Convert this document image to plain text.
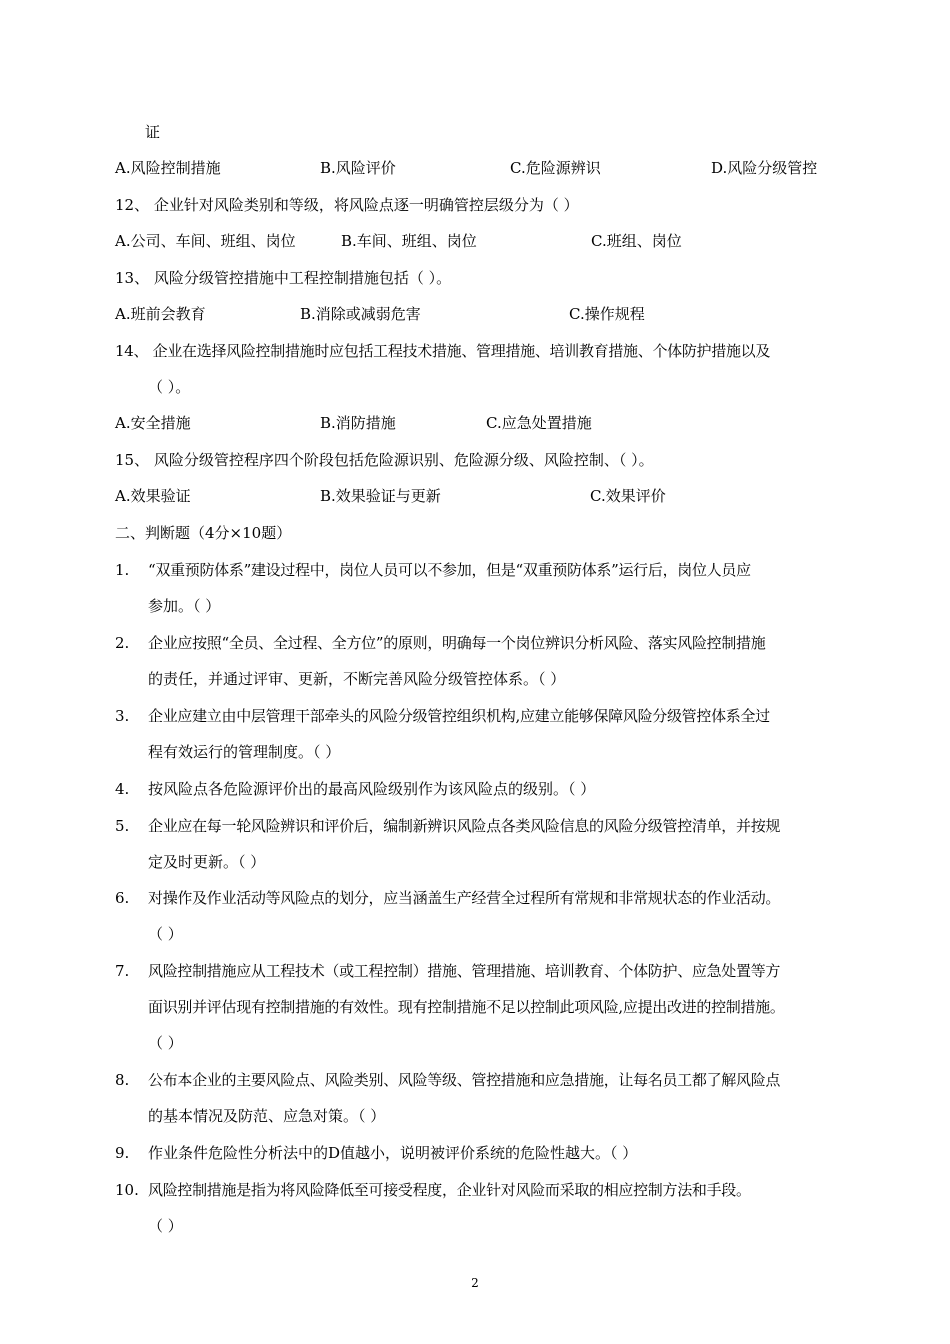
证
A.风险控制措施	B.风险评价	C.危险源辨识	D.风险分级管控
12、 企业针对风险类别和等级，将风险点逐一明确管控层级分为（ ）
A.公司、车间、班组、岗位	B.车间、班组、岗位	C.班组、岗位
13、 风险分级管控措施中工程控制措施包括（ ）。
A.班前会教育	B.消除或减弱危害	C.操作规程
14、 企业在选择风险控制措施时应包括工程技术措施、管理措施、培训教育措施、个体防护措施以及
（ ）。
A.安全措施	B.消防措施	C.应急处置措施
15、 风险分级管控程序四个阶段包括危险源识别、危险源分级、风险控制、（ ）。
A.效果验证	B.效果验证与更新	C.效果评价
二、判断题（4分×10题）
1. “双重预防体系”建设过程中，岗位人员可以不参加，但是“双重预防体系”运行后，岗位人员应
参加。（ ）
2. 企业应按照“全员、全过程、全方位”的原则，明确每一个岗位辨识分析风险、落实风险控制措施
的责任，并通过评审、更新，不断完善风险分级管控体系。（ ）
3. 企业应建立由中层管理干部牵头的风险分级管控组织机构,应建立能够保障风险分级管控体系全过
程有效运行的管理制度。（ ）
4. 按风险点各危险源评价出的最高风险级别作为该风险点的级别。（ ）
5. 企业应在每一轮风险辨识和评价后，编制新辨识风险点各类风险信息的风险分级管控清单，并按规
定及时更新。（ ）
6. 对操作及作业活动等风险点的划分，应当涵盖生产经营全过程所有常规和非常规状态的作业活动。
（ ）
7. 风险控制措施应从工程技术（或工程控制）措施、管理措施、培训教育、个体防护、应急处置等方
面识别并评估现有控制措施的有效性。现有控制措施不足以控制此项风险,应提出改进的控制措施。
（ ）
8. 公布本企业的主要风险点、风险类别、风险等级、管控措施和应急措施，让每名员工都了解风险点
的基本情况及防范、应急对策。（ ）
9. 作业条件危险性分析法中的D值越小，说明被评价系统的危险性越大。（ ）
10. 风险控制措施是指为将风险降低至可接受程度，企业针对风险而采取的相应控制方法和手段。
（ ）
2
